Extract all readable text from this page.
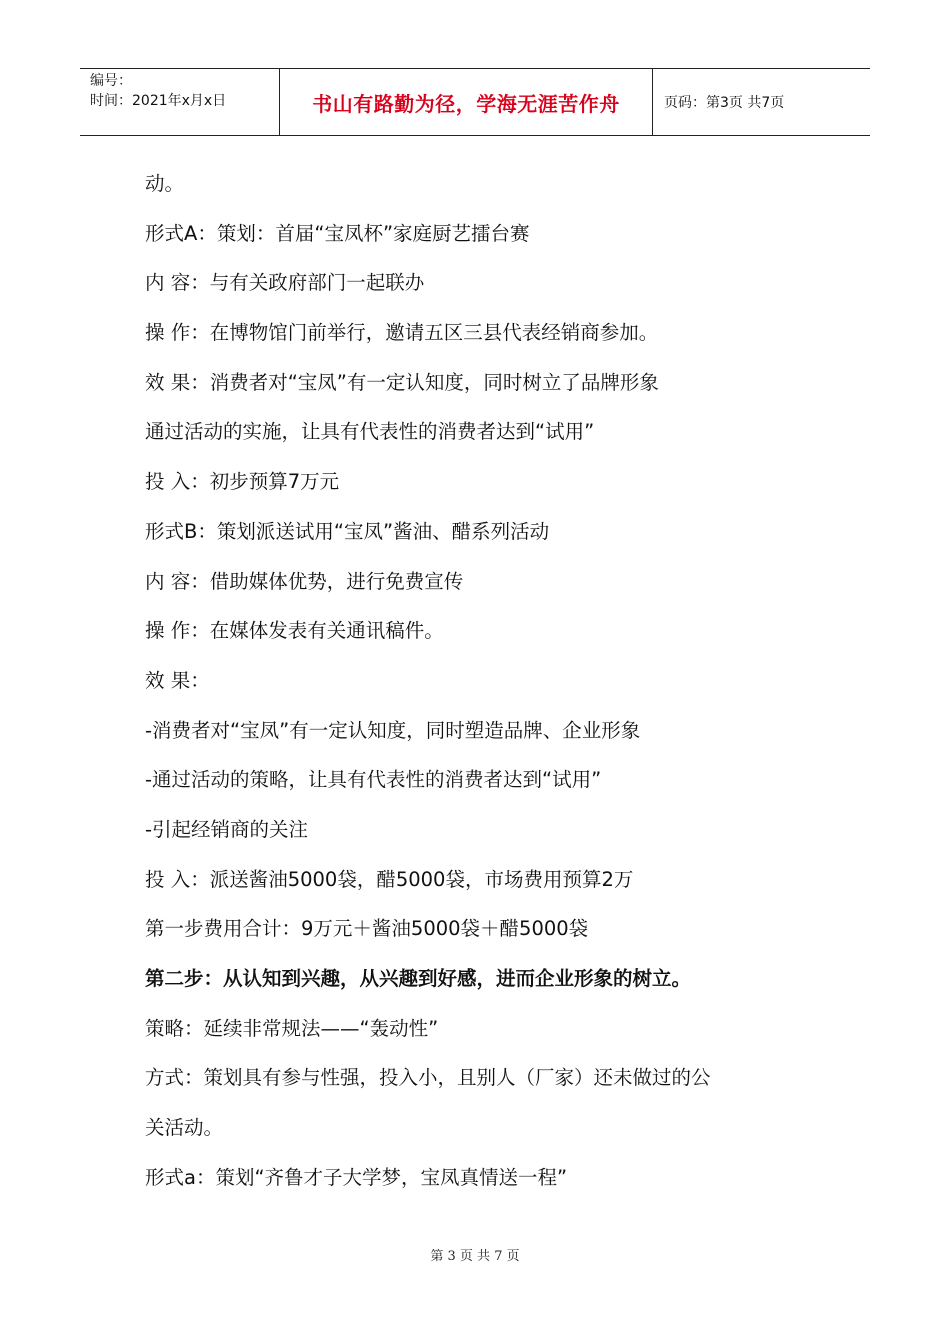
编号：
时间：2021年x月x日	书山有路勤为径，学海无涯苦作舟	页码：第3页 共7页
动。
形式A：策划：首届“宝凤杯”家庭厨艺擂台赛
内 容：与有关政府部门一起联办
操 作：在博物馆门前举行，邀请五区三县代表经销商参加。
效 果：消费者对“宝凤”有一定认知度，同时树立了品牌形象
通过活动的实施，让具有代表性的消费者达到“试用”
投 入：初步预算7万元
形式B：策划派送试用“宝凤”酱油、醋系列活动
内 容：借助媒体优势，进行免费宣传
操 作：在媒体发表有关通讯稿件。
效 果：
-消费者对“宝凤”有一定认知度，同时塑造品牌、企业形象
-通过活动的策略，让具有代表性的消费者达到“试用”
-引起经销商的关注
投 入：派送酱油5000袋，醋5000袋，市场费用预算2万
第一步费用合计：9万元＋酱油5000袋＋醋5000袋
第二步：从认知到兴趣，从兴趣到好感，进而企业形象的树立。
策略：延续非常规法——“轰动性”
方式：策划具有参与性强，投入小，且别人（厂家）还未做过的公
关活动。
形式a：策划“齐鲁才子大学梦，宝凤真情送一程”
第 3 页 共 7 页
